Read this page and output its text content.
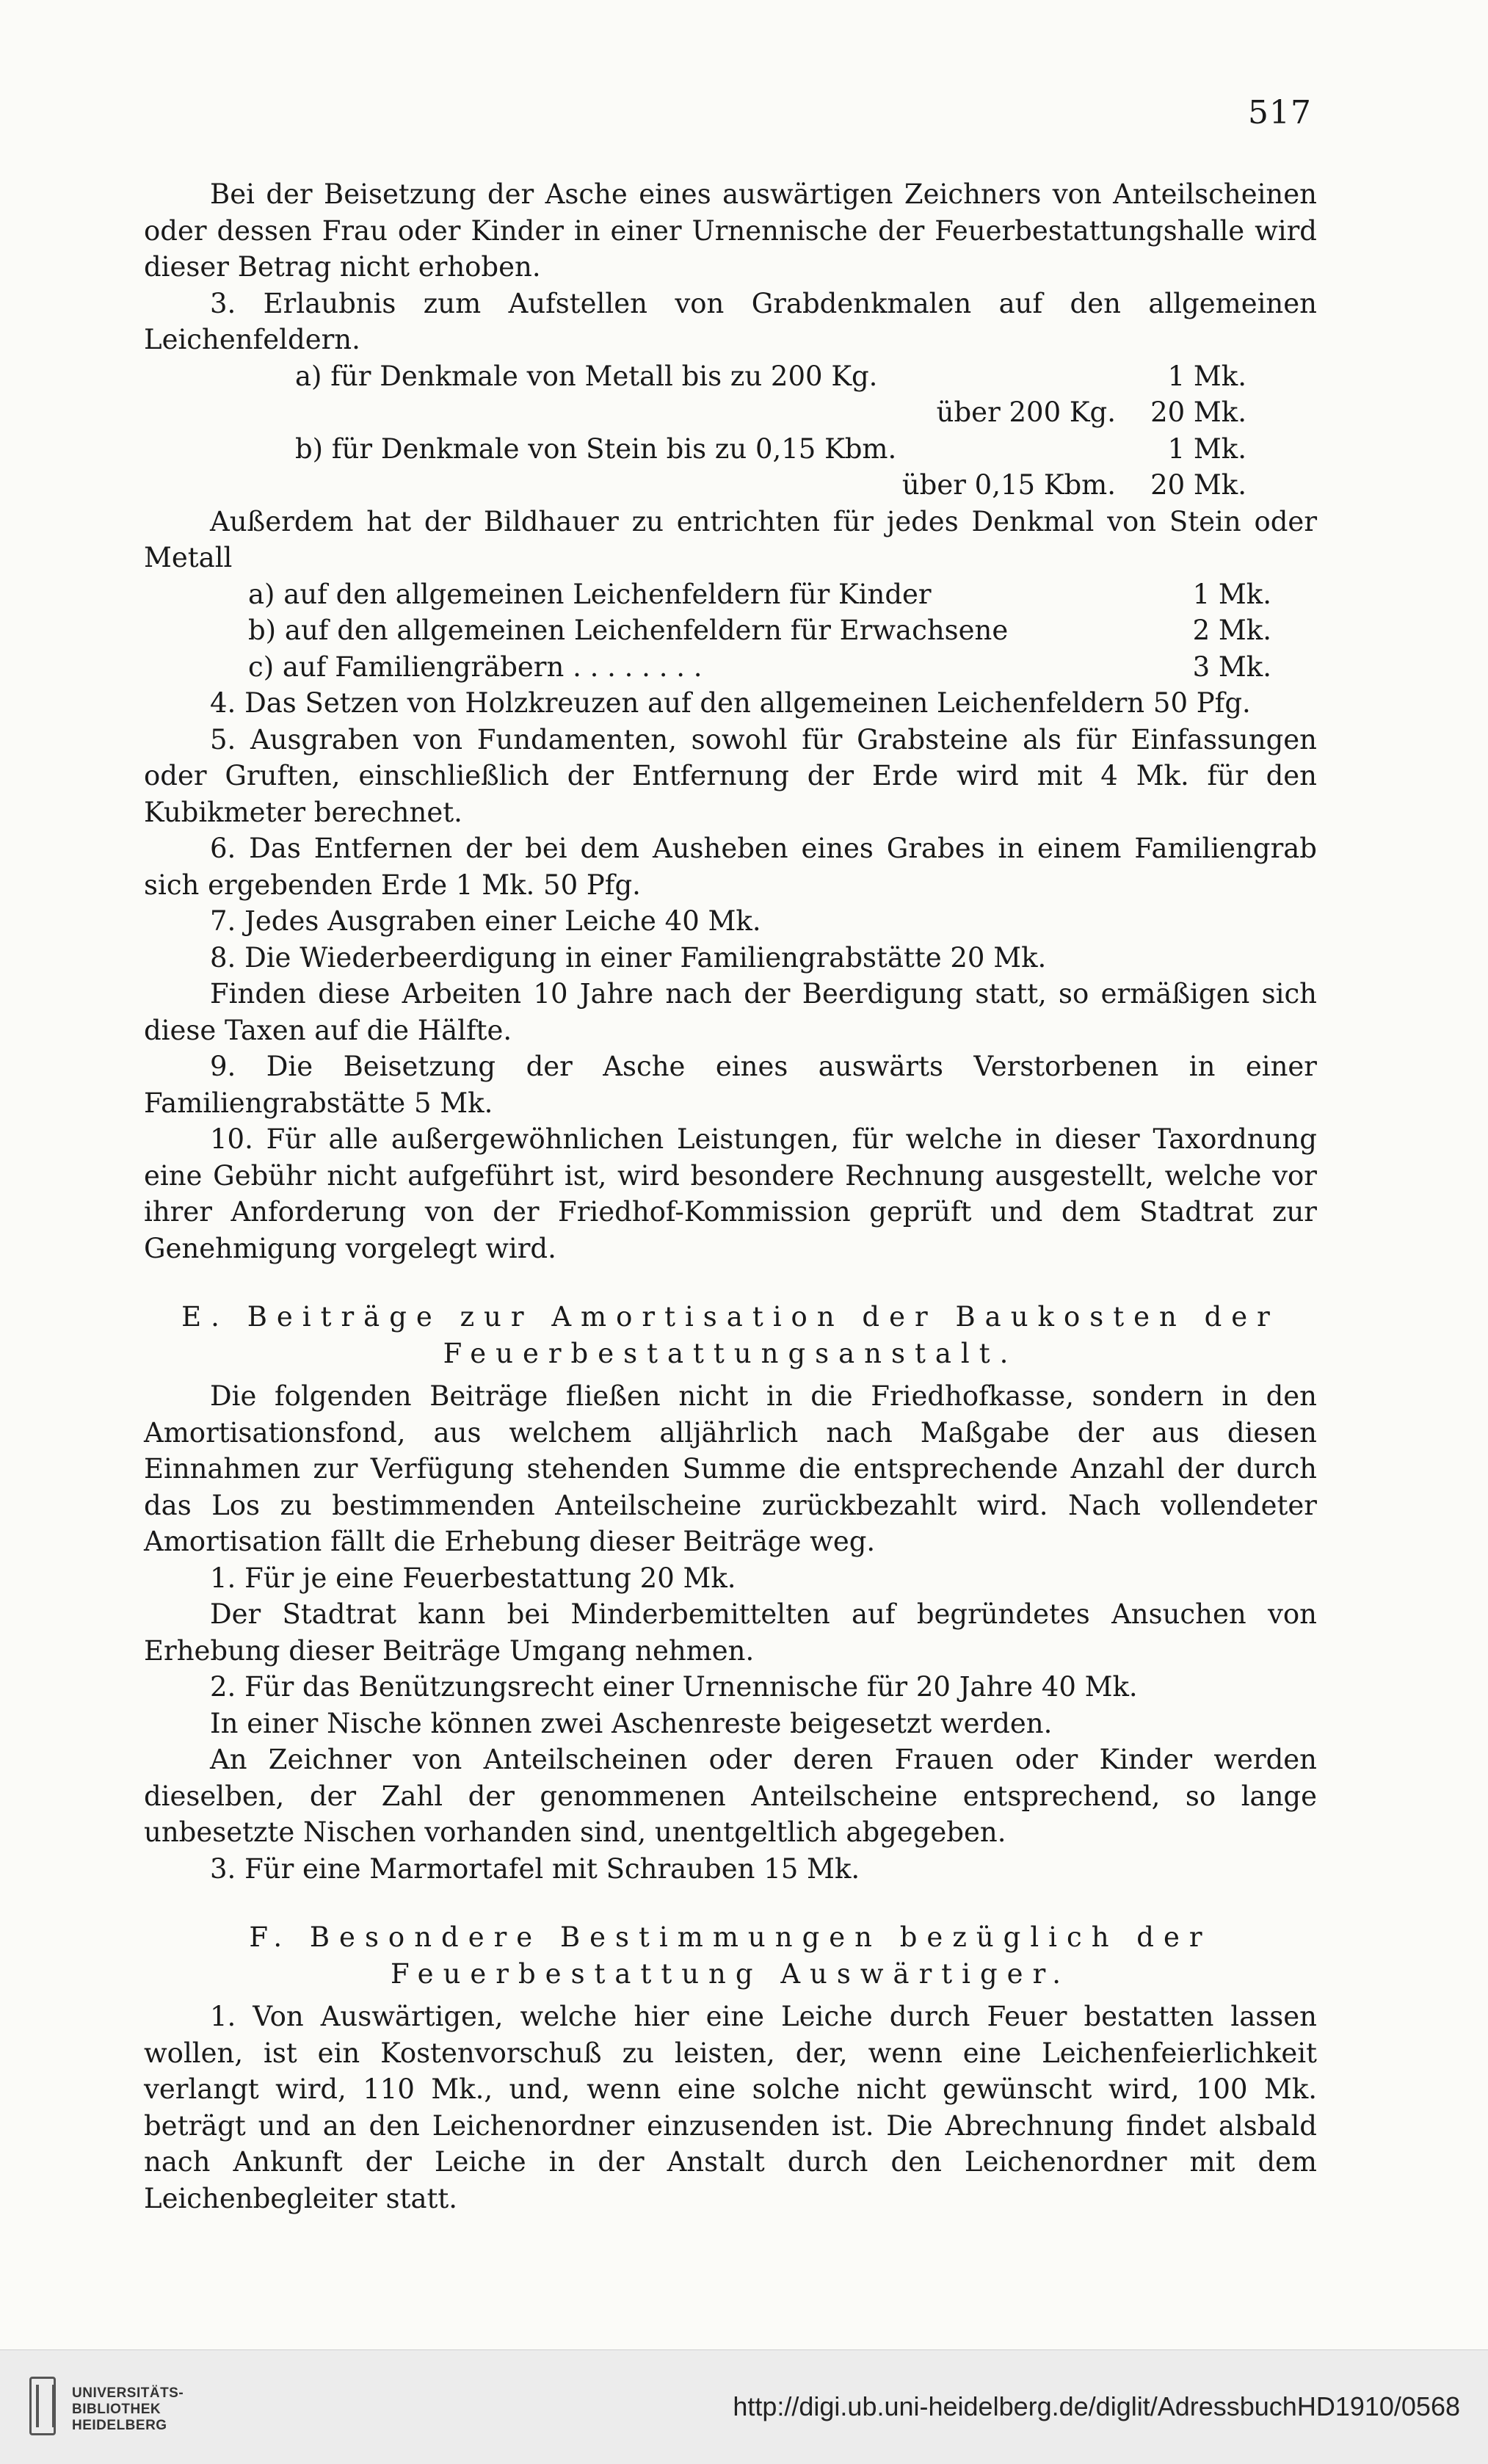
517

Bei der Beisetzung der Asche eines auswärtigen Zeichners von Anteilscheinen oder dessen Frau oder Kinder in einer Urnennische der Feuerbestattungshalle wird dieser Betrag nicht erhoben.

3. Erlaubnis zum Aufstellen von Grabdenkmalen auf den allgemeinen Leichenfeldern.

a) für Denkmale von Metall bis zu 200 Kg.	1 Mk.
über 200 Kg. 20 Mk.
b) für Denkmale von Stein bis zu 0,15 Kbm.	1 Mk.
über 0,15 Kbm. 20 Mk.

Außerdem hat der Bildhauer zu entrichten für jedes Denkmal von Stein oder Metall

a) auf den allgemeinen Leichenfeldern für Kinder	1 Mk.
b) auf den allgemeinen Leichenfeldern für Erwachsene	2 Mk.
c) auf Familiengräbern . . . . . . . .	3 Mk.

4. Das Setzen von Holzkreuzen auf den allgemeinen Leichenfeldern 50 Pfg.

5. Ausgraben von Fundamenten, sowohl für Grabsteine als für Einfassungen oder Gruften, einschließlich der Entfernung der Erde wird mit 4 Mk. für den Kubikmeter berechnet.

6. Das Entfernen der bei dem Ausheben eines Grabes in einem Familiengrab sich ergebenden Erde 1 Mk. 50 Pfg.

7. Jedes Ausgraben einer Leiche 40 Mk.

8. Die Wiederbeerdigung in einer Familiengrabstätte 20 Mk.

Finden diese Arbeiten 10 Jahre nach der Beerdigung statt, so ermäßigen sich diese Taxen auf die Hälfte.

9. Die Beisetzung der Asche eines auswärts Verstorbenen in einer Familiengrabstätte 5 Mk.

10. Für alle außergewöhnlichen Leistungen, für welche in dieser Taxordnung eine Gebühr nicht aufgeführt ist, wird besondere Rechnung ausgestellt, welche vor ihrer Anforderung von der Friedhof-Kommission geprüft und dem Stadtrat zur Genehmigung vorgelegt wird.

E. Beiträge zur Amortisation der Baukosten der Feuerbestattungsanstalt.

Die folgenden Beiträge fließen nicht in die Friedhofkasse, sondern in den Amortisationsfond, aus welchem alljährlich nach Maßgabe der aus diesen Einnahmen zur Verfügung stehenden Summe die entsprechende Anzahl der durch das Los zu bestimmenden Anteilscheine zurückbezahlt wird. Nach vollendeter Amortisation fällt die Erhebung dieser Beiträge weg.

1. Für je eine Feuerbestattung 20 Mk.

Der Stadtrat kann bei Minderbemittelten auf begründetes Ansuchen von Erhebung dieser Beiträge Umgang nehmen.

2. Für das Benützungsrecht einer Urnennische für 20 Jahre 40 Mk.

In einer Nische können zwei Aschenreste beigesetzt werden.

An Zeichner von Anteilscheinen oder deren Frauen oder Kinder werden dieselben, der Zahl der genommenen Anteilscheine entsprechend, so lange unbesetzte Nischen vorhanden sind, unentgeltlich abgegeben.

3. Für eine Marmortafel mit Schrauben 15 Mk.

F. Besondere Bestimmungen bezüglich der Feuerbestattung Auswärtiger.

1. Von Auswärtigen, welche hier eine Leiche durch Feuer bestatten lassen wollen, ist ein Kostenvorschuß zu leisten, der, wenn eine Leichenfeierlichkeit verlangt wird, 110 Mk., und, wenn eine solche nicht gewünscht wird, 100 Mk. beträgt und an den Leichenordner einzusenden ist. Die Abrechnung findet alsbald nach Ankunft der Leiche in der Anstalt durch den Leichenordner mit dem Leichenbegleiter statt.

UNIVERSITÄTS-
BIBLIOTHEK
HEIDELBERG
http://digi.ub.uni-heidelberg.de/diglit/AdressbuchHD1910/0568
